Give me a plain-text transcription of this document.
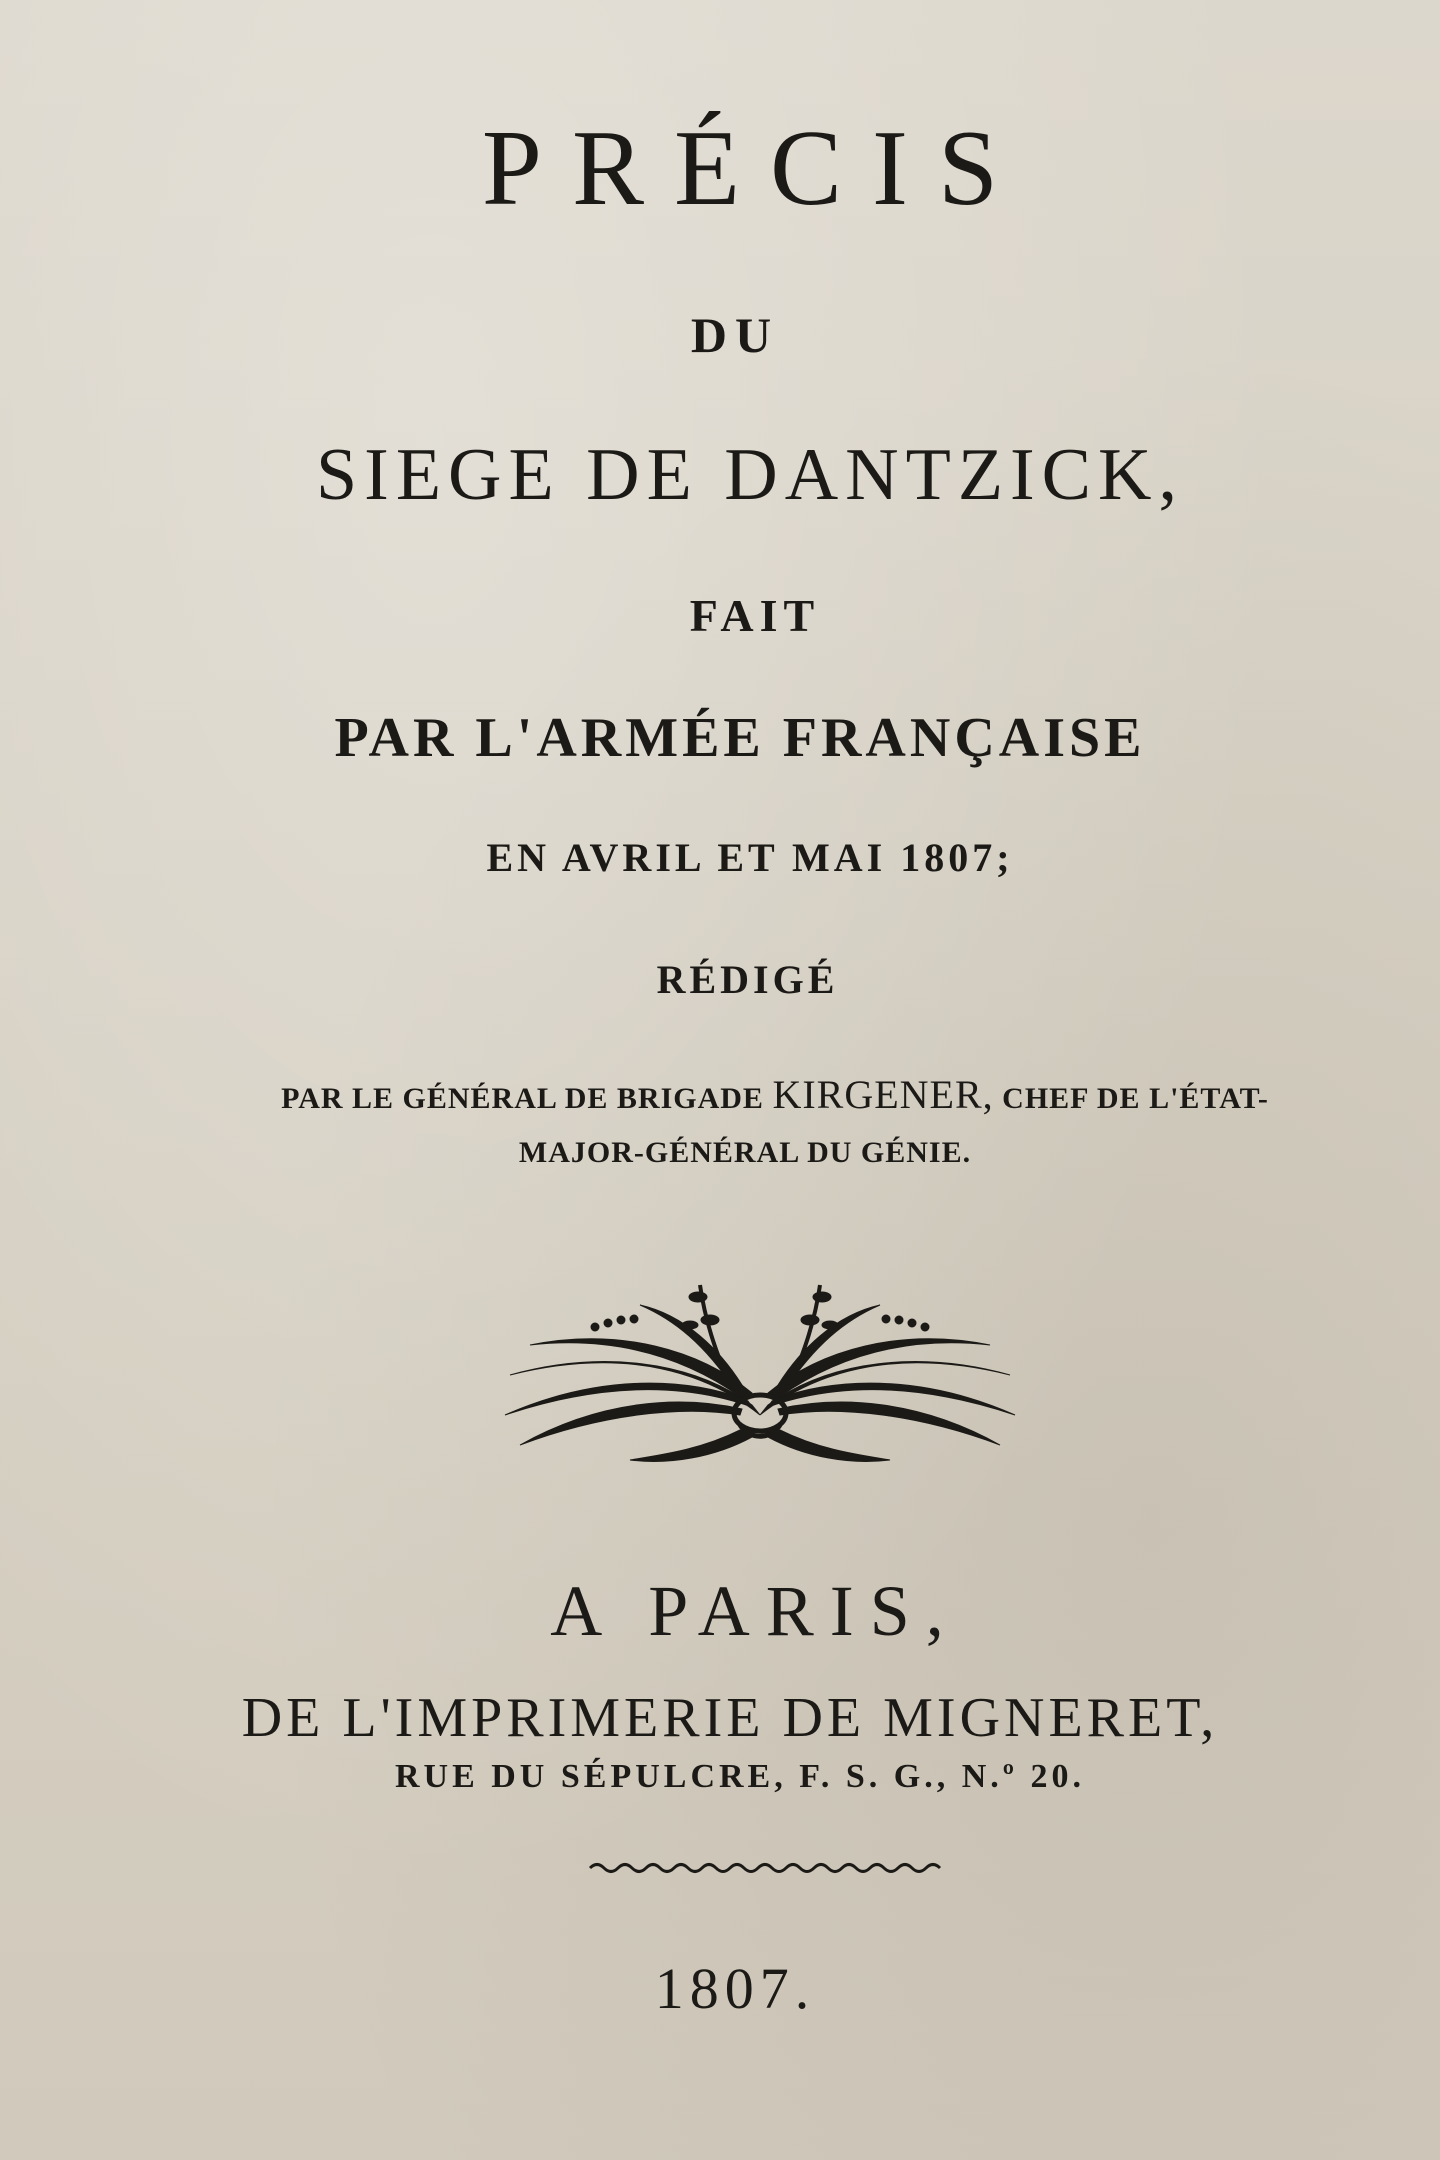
PRÉCIS
DU
SIEGE DE DANTZICK,
FAIT
PAR L'ARMÉE FRANÇAISE
EN AVRIL ET MAI 1807;
RÉDIGÉ
PAR LE GÉNÉRAL DE BRIGADE KIRGENER, CHEF DE L'ÉTAT-
MAJOR-GÉNÉRAL DU GÉNIE.
A PARIS,
DE L'IMPRIMERIE DE MIGNERET,
RUE DU SÉPULCRE, F. S. G., N.º 20.
1807.
